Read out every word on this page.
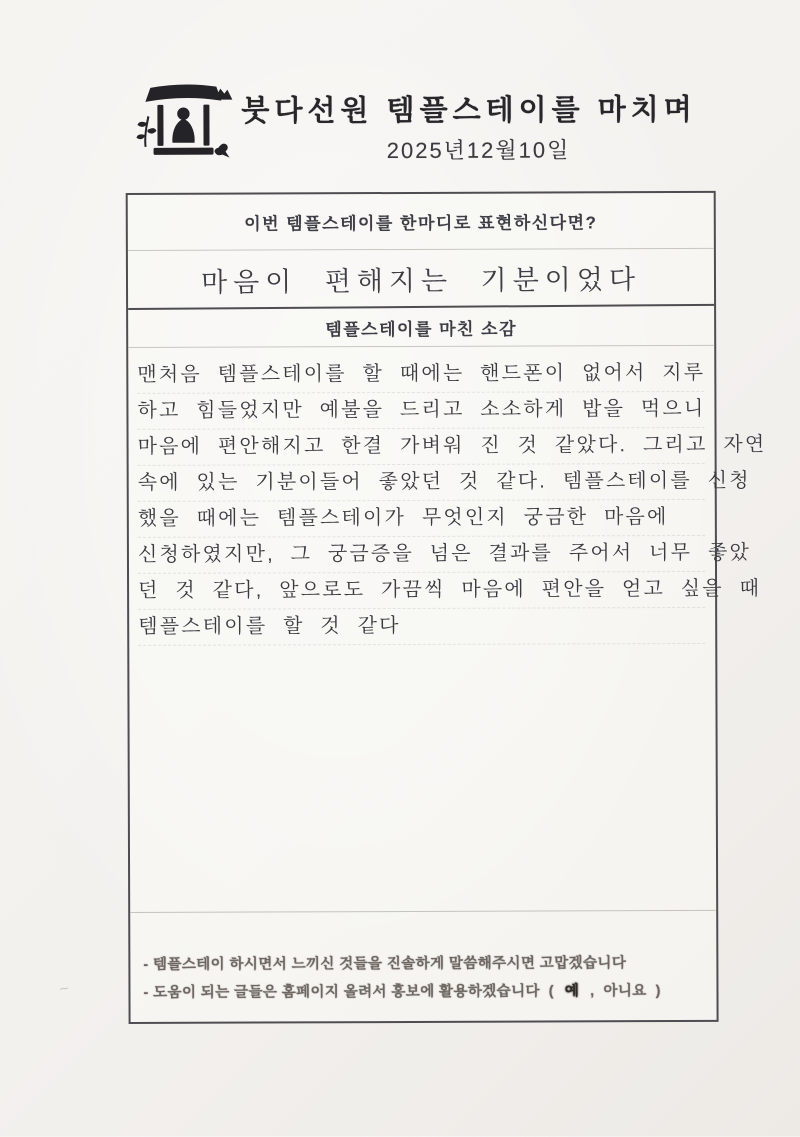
붓다선원 템플스테이를 마치며
2025년12월10일
이번 템플스테이를 한마디로 표현하신다면?
마음이 편해지는 기분이었다
템플스테이를 마친 소감
맨처음 템플스테이를 할 때에는 핸드폰이 없어서 지루
하고 힘들었지만 예불을 드리고 소소하게 밥을 먹으니
마음에 편안해지고 한결 가벼워 진 것 같았다. 그리고 자연
속에 있는 기분이들어 좋았던 것 같다. 템플스테이를 신청
했을 때에는 템플스테이가 무엇인지 궁금한 마음에
신청하였지만, 그 궁금증을 넘은 결과를 주어서 너무 좋았
던 것 같다, 앞으로도 가끔씩 마음에 편안을 얻고 싶을 때
템플스테이를 할 것 같다
- 템플스테이 하시면서 느끼신 것들을 진솔하게 말씀해주시면 고맙겠습니다
- 도움이 되는 글들은 홈페이지 올려서 홍보에 활용하겠습니다 ( 예 , 아니요 )
~
